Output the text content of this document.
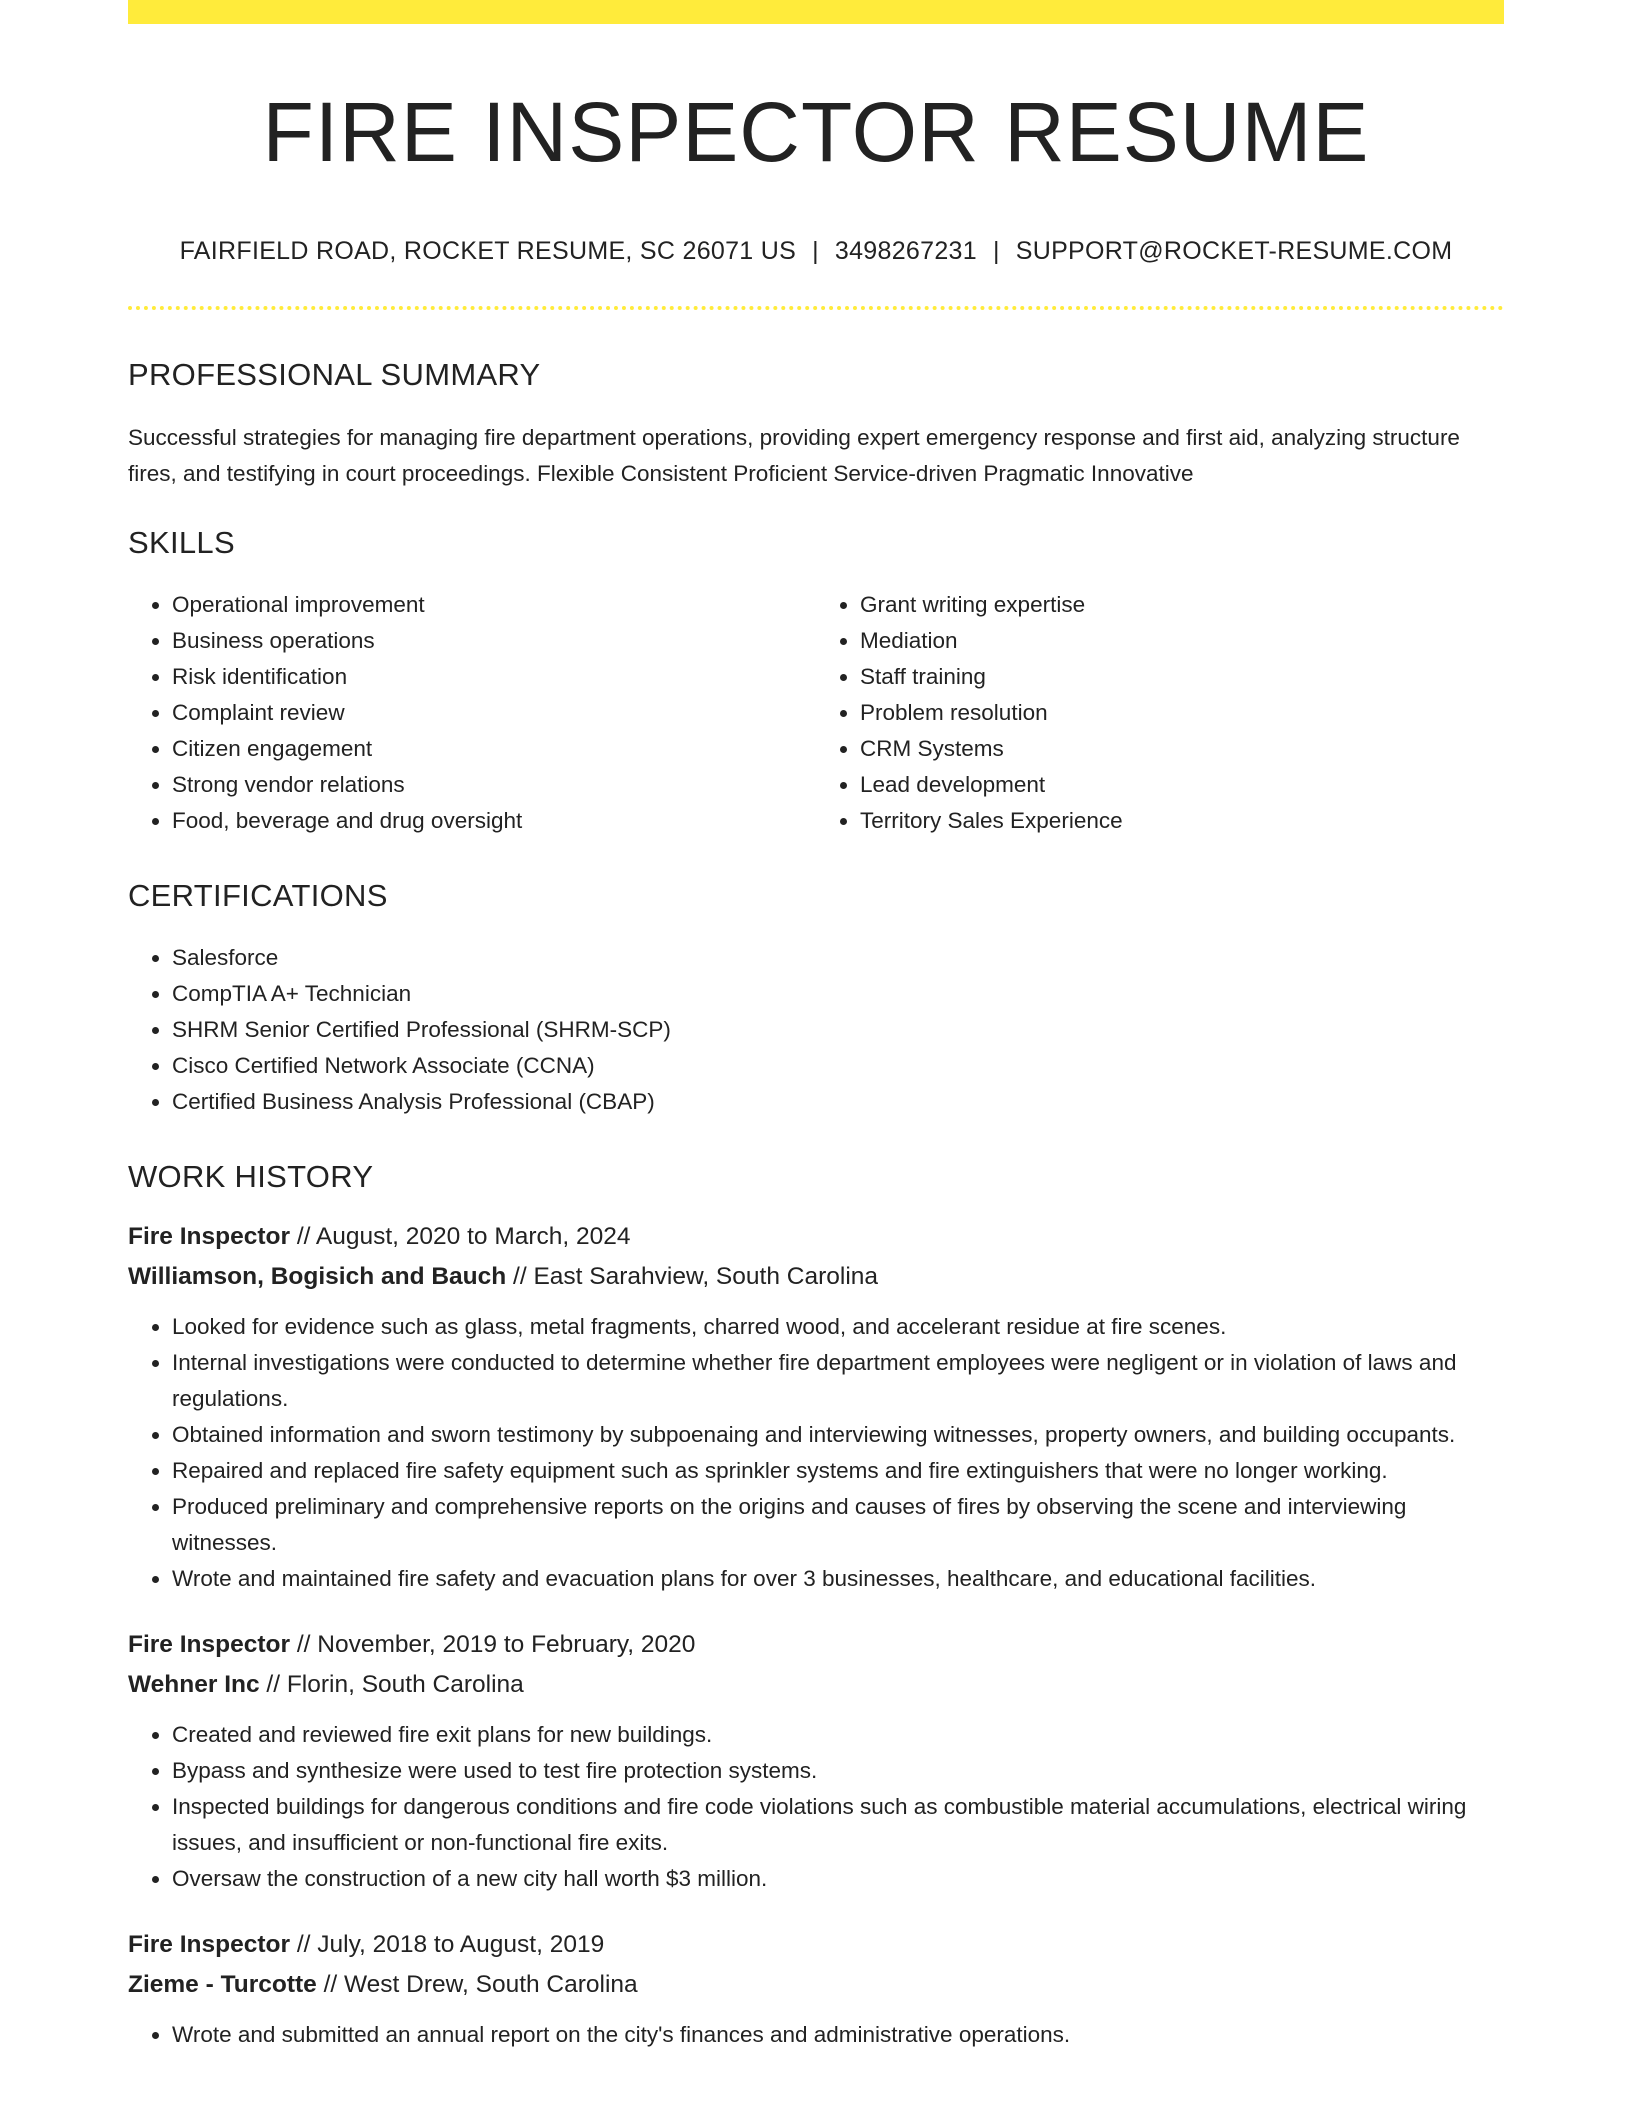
FIRE INSPECTOR RESUME
FAIRFIELD ROAD, ROCKET RESUME, SC 26071 US | 3498267231 | SUPPORT@ROCKET-RESUME.COM
PROFESSIONAL SUMMARY
Successful strategies for managing fire department operations, providing expert emergency response and first aid, analyzing structure fires, and testifying in court proceedings. Flexible Consistent Proficient Service-driven Pragmatic Innovative
SKILLS
• Operational improvement
• Business operations
• Risk identification
• Complaint review
• Citizen engagement
• Strong vendor relations
• Food, beverage and drug oversight
• Grant writing expertise
• Mediation
• Staff training
• Problem resolution
• CRM Systems
• Lead development
• Territory Sales Experience
CERTIFICATIONS
• Salesforce
• CompTIA A+ Technician
• SHRM Senior Certified Professional (SHRM-SCP)
• Cisco Certified Network Associate (CCNA)
• Certified Business Analysis Professional (CBAP)
WORK HISTORY
Fire Inspector // August, 2020 to March, 2024
Williamson, Bogisich and Bauch // East Sarahview, South Carolina
• Looked for evidence such as glass, metal fragments, charred wood, and accelerant residue at fire scenes.
• Internal investigations were conducted to determine whether fire department employees were negligent or in violation of laws and regulations.
• Obtained information and sworn testimony by subpoenaing and interviewing witnesses, property owners, and building occupants.
• Repaired and replaced fire safety equipment such as sprinkler systems and fire extinguishers that were no longer working.
• Produced preliminary and comprehensive reports on the origins and causes of fires by observing the scene and interviewing witnesses.
• Wrote and maintained fire safety and evacuation plans for over 3 businesses, healthcare, and educational facilities.
Fire Inspector // November, 2019 to February, 2020
Wehner Inc // Florin, South Carolina
• Created and reviewed fire exit plans for new buildings.
• Bypass and synthesize were used to test fire protection systems.
• Inspected buildings for dangerous conditions and fire code violations such as combustible material accumulations, electrical wiring issues, and insufficient or non-functional fire exits.
• Oversaw the construction of a new city hall worth $3 million.
Fire Inspector // July, 2018 to August, 2019
Zieme - Turcotte // West Drew, South Carolina
• Wrote and submitted an annual report on the city's finances and administrative operations.
